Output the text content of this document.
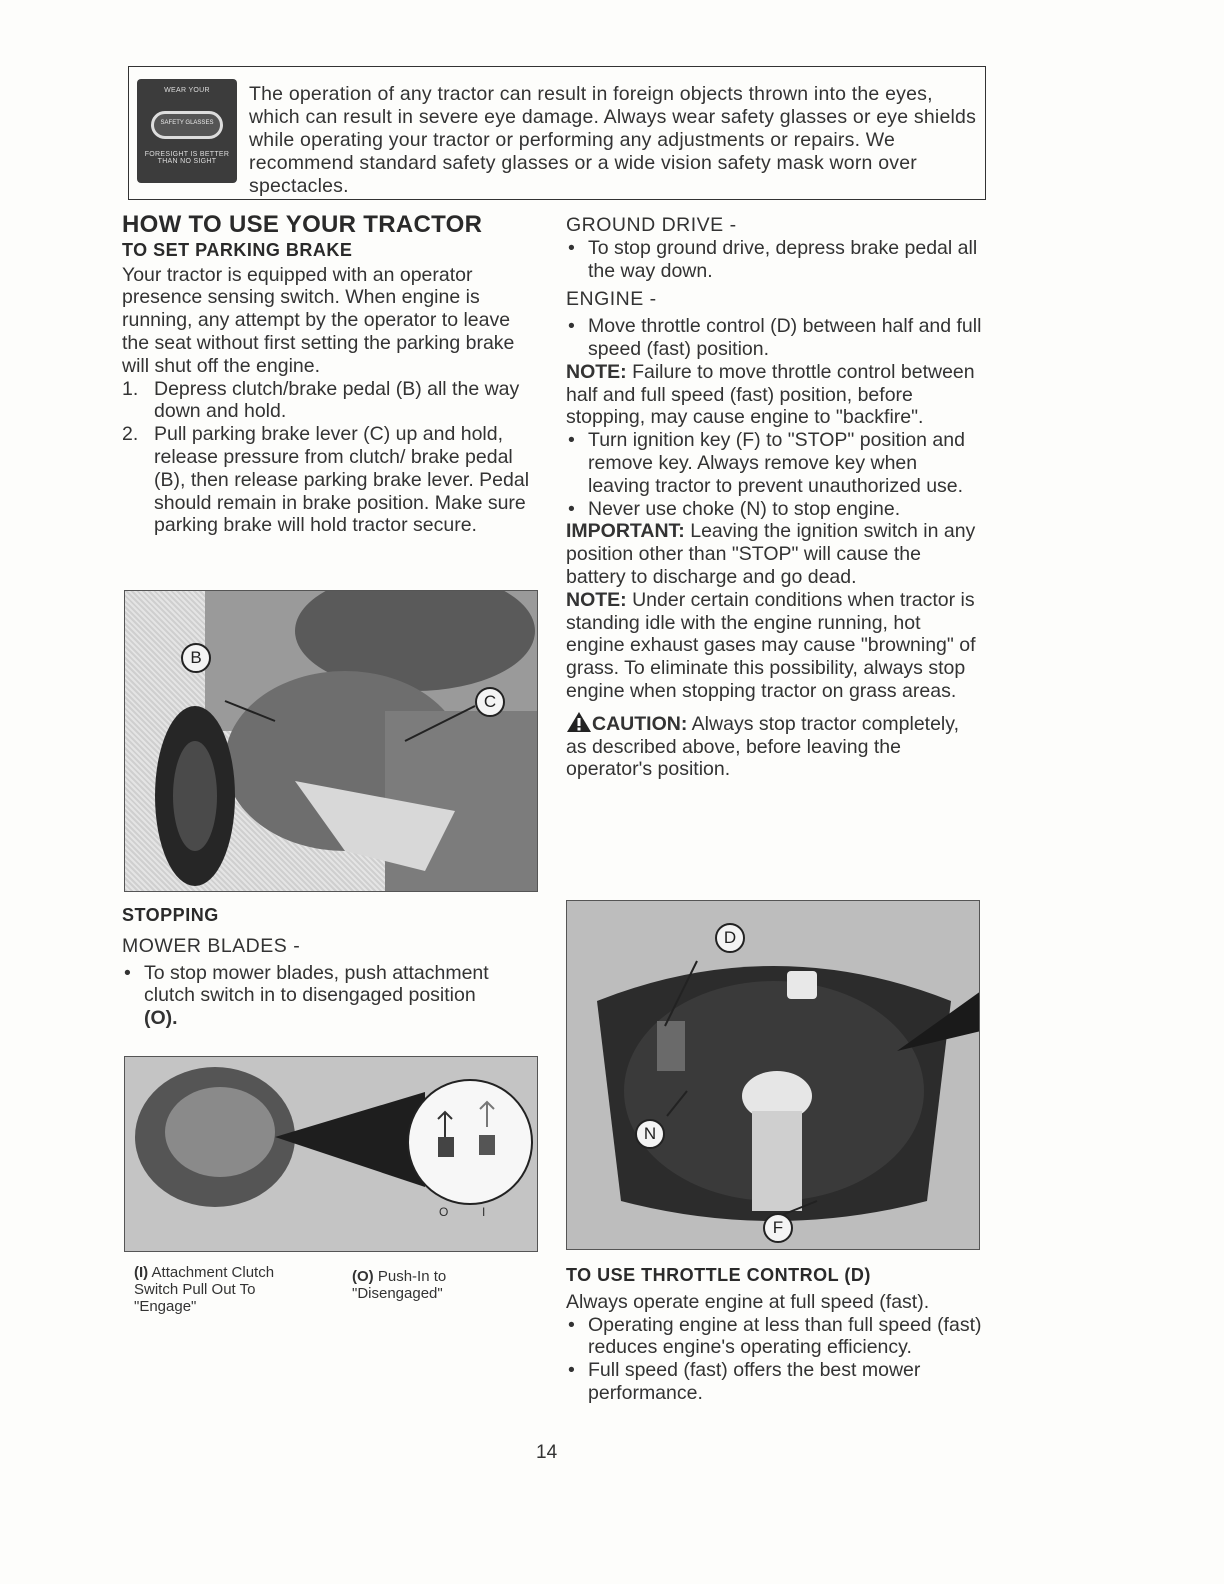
WEAR YOUR
SAFETY GLASSES
FORESIGHT IS BETTER THAN NO SIGHT
The operation of any tractor can result in foreign objects thrown into the eyes, which can result in severe eye damage. Always wear safety glasses or eye shields while operating your tractor or performing any adjustments or repairs. We recommend standard safety glasses or a wide vision safety mask worn over spectacles.
HOW TO USE YOUR TRACTOR
TO SET PARKING BRAKE

Your tractor is equipped with an operator presence sensing switch. When engine is running, any attempt by the operator to leave the seat without first setting the parking brake will shut off the engine.

1. Depress clutch/brake pedal (B) all the way down and hold.
2. Pull parking brake lever (C) up and hold, release pressure from clutch/ brake pedal (B), then release parking brake lever. Pedal should remain in brake position. Make sure parking brake will hold tractor secure.
B
C
STOPPING
MOWER BLADES -
• To stop mower blades, push attachment clutch switch in to disengaged position
(O).
O	I
(I) Attachment Clutch Switch Pull Out To "Engage"
(O) Push-In to "Disengaged"
GROUND DRIVE -
• To stop ground drive, depress brake pedal all the way down.
ENGINE -
• Move throttle control (D) between half and full speed (fast) position.

NOTE: Failure to move throttle control between half and full speed (fast) position, before stopping, may cause engine to "backfire".

• Turn ignition key (F) to "STOP" position and remove key. Always remove key when leaving tractor to prevent unauthorized use.
• Never use choke (N) to stop engine.

IMPORTANT: Leaving the ignition switch in any position other than "STOP" will cause the battery to discharge and go dead.

NOTE: Under certain conditions when tractor is standing idle with the engine running, hot engine exhaust gases may cause "browning" of grass. To eliminate this possibility, always stop engine when stopping tractor on grass areas.

CAUTION: Always stop tractor completely, as described above, before leaving the operator's position.

D
N
F
TO USE THROTTLE CONTROL (D)

Always operate engine at full speed (fast).

• Operating engine at less than full speed (fast) reduces engine's operating efficiency.
• Full speed (fast) offers the best mower performance.
14
